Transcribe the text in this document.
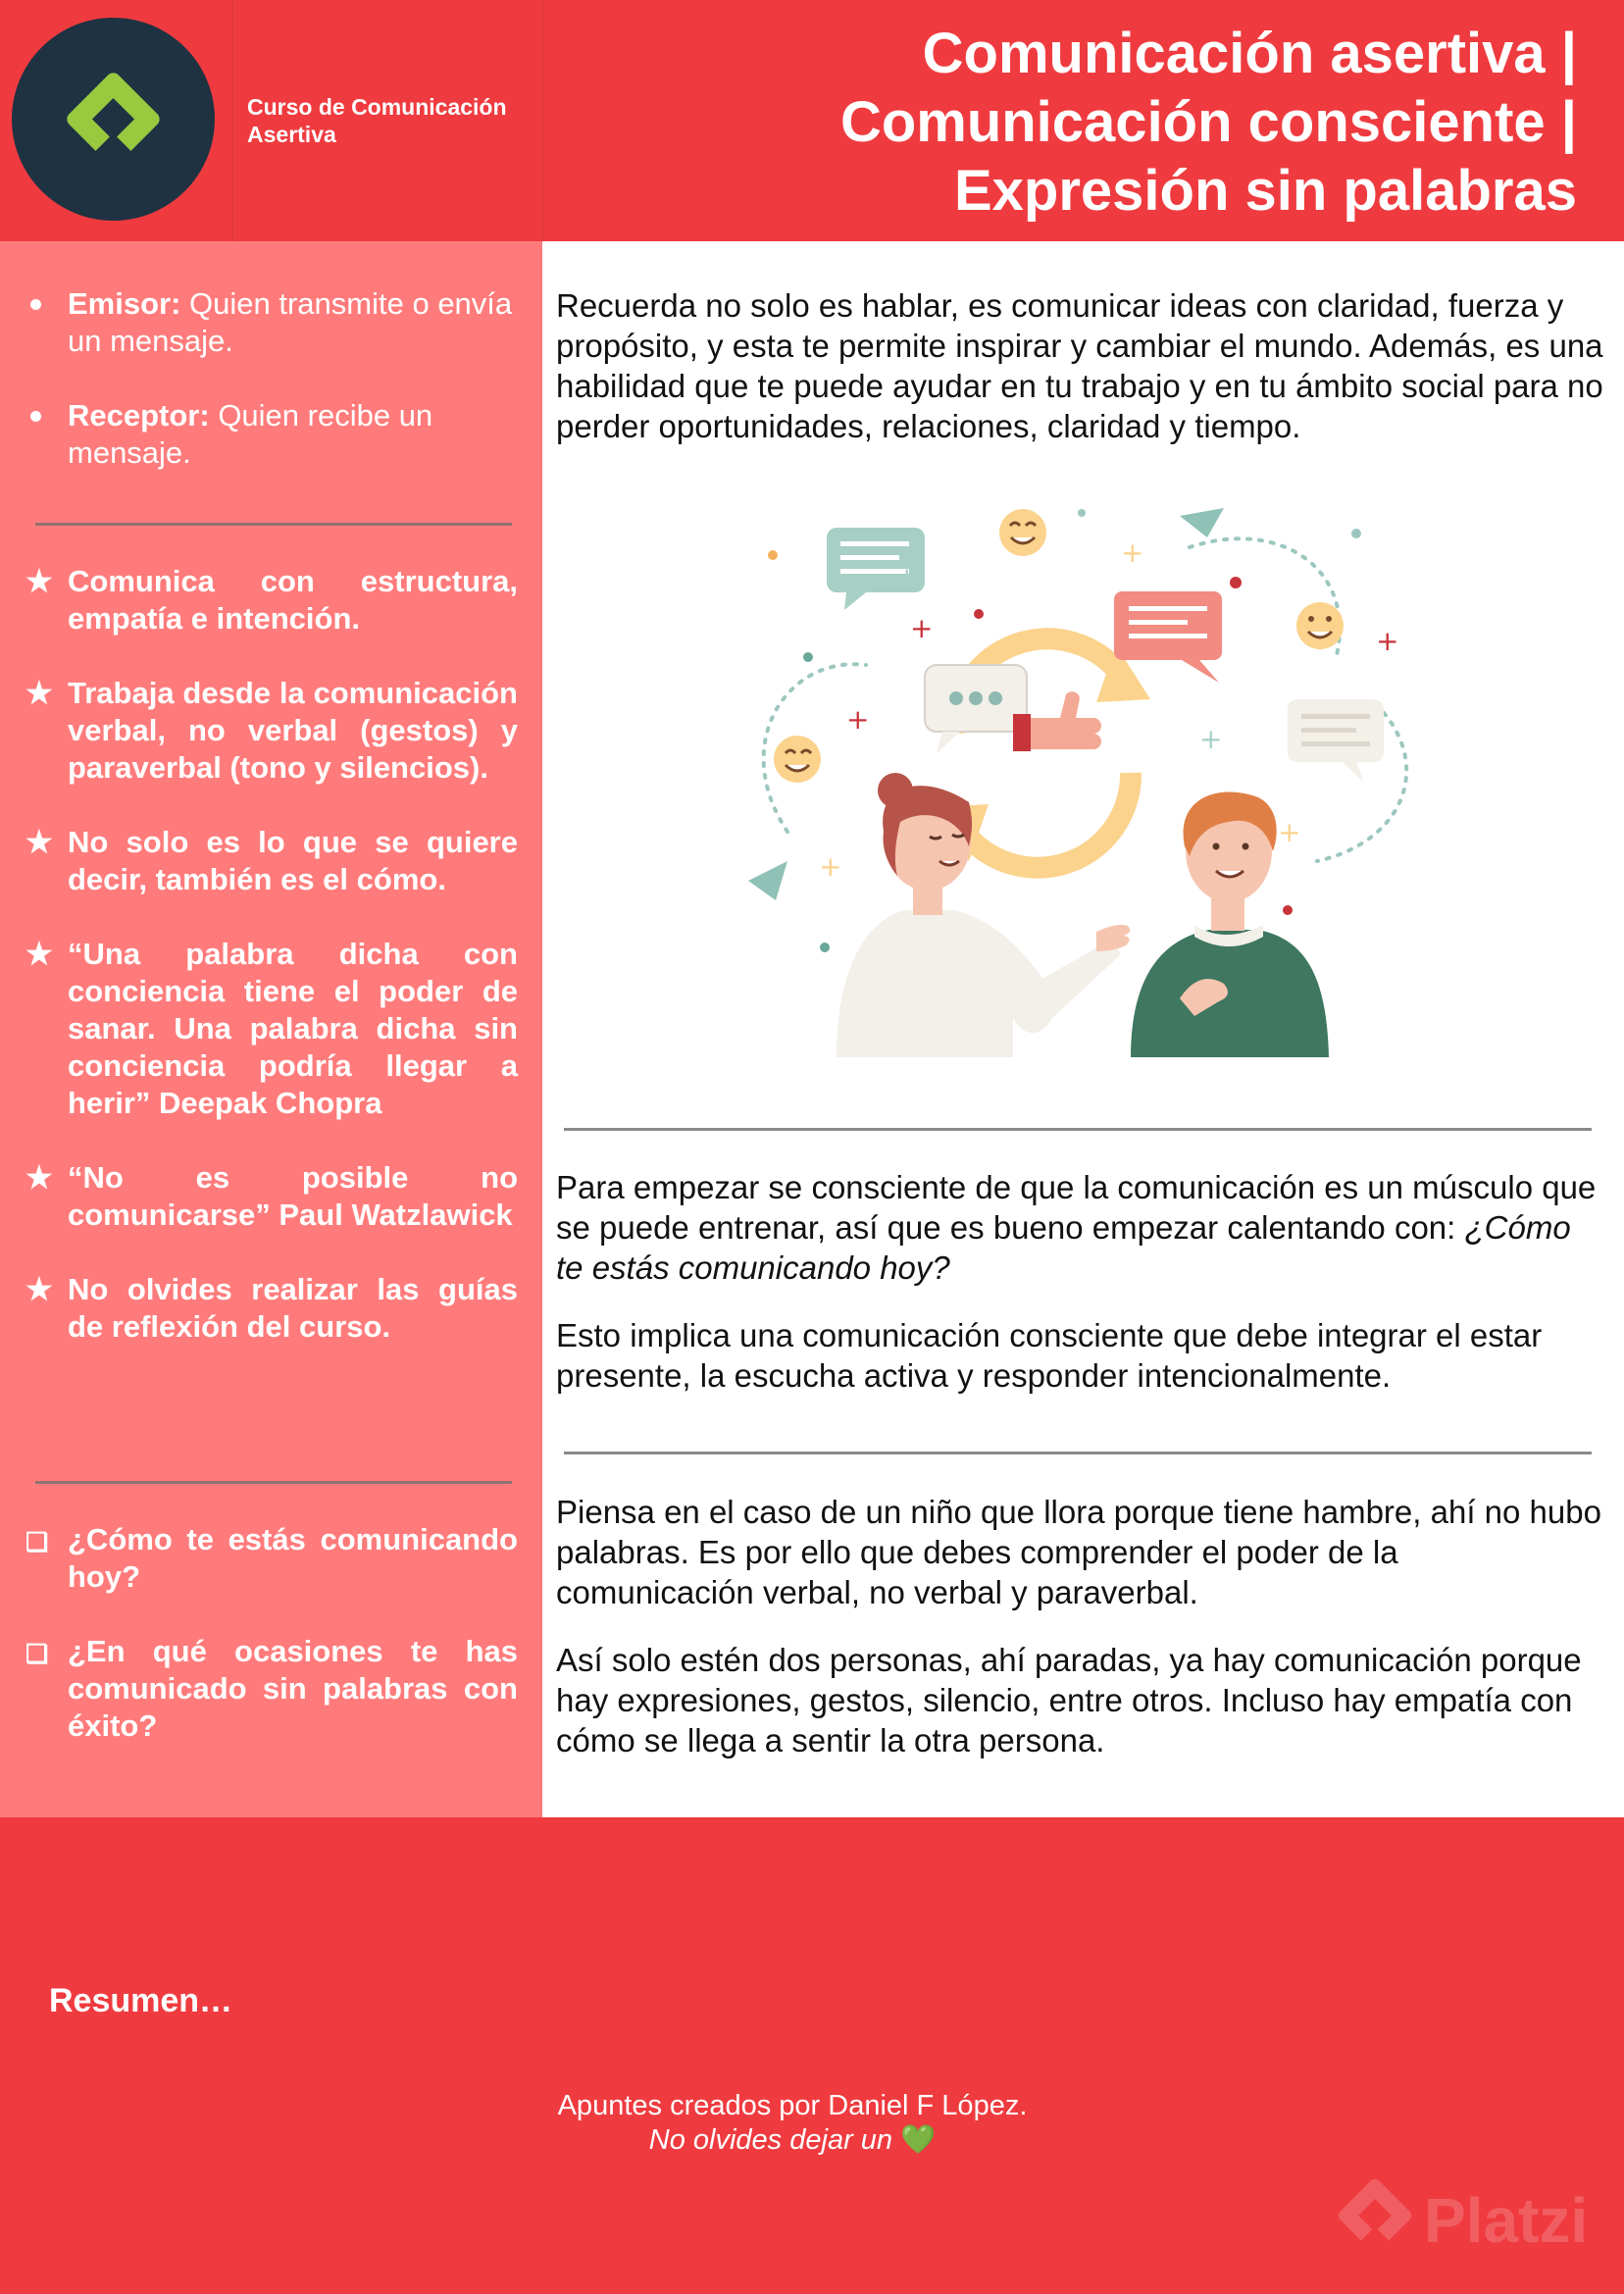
Curso de Comunicación Asertiva
Comunicación asertiva |
Comunicación consciente |
Expresión sin palabras
Emisor: Quien transmite o envía un mensaje.
Receptor: Quien recibe un mensaje.
★ Comunica con estructura, empatía e intención.
★ Trabaja desde la comunicación verbal, no verbal (gestos) y paraverbal (tono y silencios).
★ No solo es lo que se quiere decir, también es el cómo.
★ “Una palabra dicha con conciencia tiene el poder de sanar. Una palabra dicha sin conciencia podría llegar a herir” Deepak Chopra
★ “No es posible no comunicarse” Paul Watzlawick
★ No olvides realizar las guías de reflexión del curso.
❏ ¿Cómo te estás comunicando hoy?
❏ ¿En qué ocasiones te has comunicado sin palabras con éxito?
Recuerda no solo es hablar, es comunicar ideas con claridad, fuerza y propósito, y esta te permite inspirar y cambiar el mundo. Además, es una habilidad que te puede ayudar en tu trabajo y en tu ámbito social para no perder oportunidades, relaciones, claridad y tiempo.
+
+
+
+
+
+
+
+

Para empezar se consciente de que la comunicación es un músculo que se puede entrenar, así que es bueno empezar calentando con: ¿Cómo te estás comunicando hoy?

Esto implica una comunicación consciente que debe integrar el estar presente, la escucha activa y responder intencionalmente.

Piensa en el caso de un niño que llora porque tiene hambre, ahí no hubo palabras. Es por ello que debes comprender el poder de la comunicación verbal, no verbal y paraverbal.

Así solo estén dos personas, ahí paradas, ya hay comunicación porque hay expresiones, gestos, silencio, entre otros. Incluso hay empatía con cómo se llega a sentir la otra persona.

Resumen…
Apuntes creados por Daniel F López.
No olvides dejar un 💚
Platzi
